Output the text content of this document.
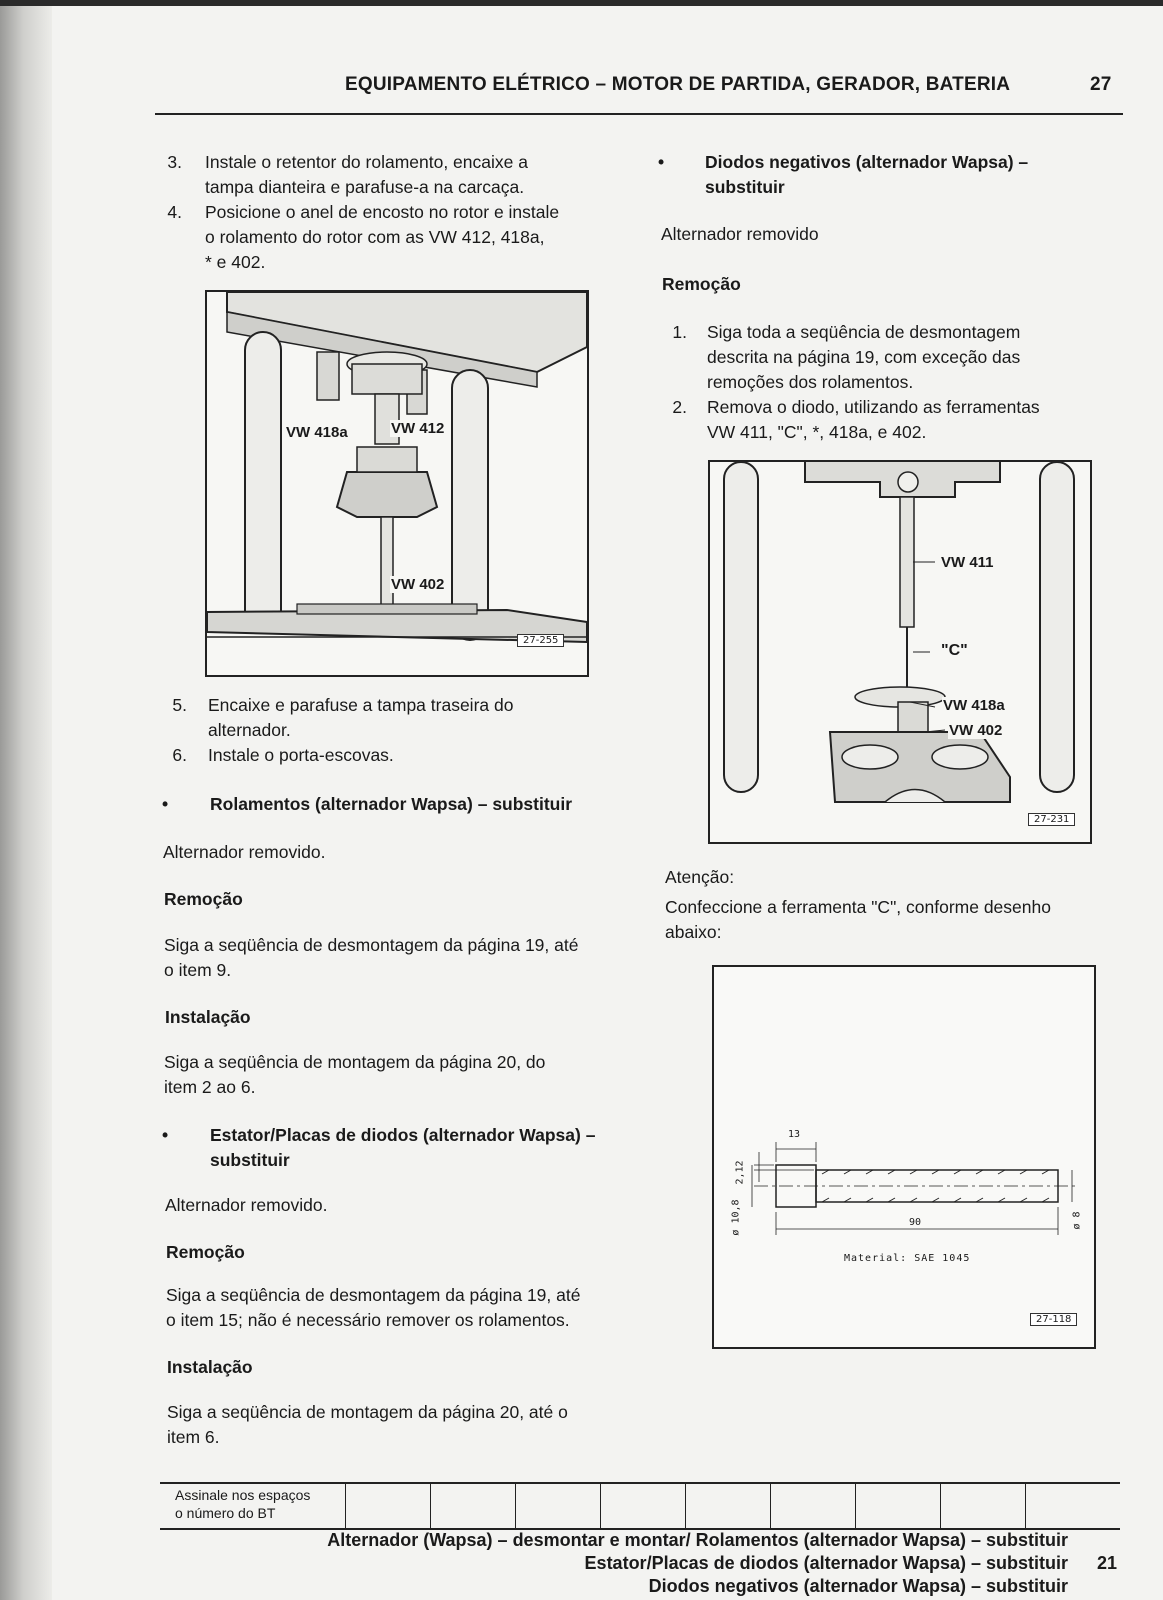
EQUIPAMENTO ELÉTRICO – MOTOR DE PARTIDA, GERADOR, BATERIA	27
3. Instale o retentor do rolamento, encaixe a
tampa dianteira e parafuse-a na carcaça.
4. Posicione o anel de encosto no rotor e instale
o rolamento do rotor com as VW 412, 418a,
* e 402.
VW 418a	VW 412
VW 402
27-255
5. Encaixe e parafuse a tampa traseira do
alternador.
6. Instale o porta-escovas.
• Rolamentos (alternador Wapsa) – substituir
Alternador removido.
Remoção
Siga a seqüência de desmontagem da página 19, até
o item 9.
Instalação
Siga a seqüência de montagem da página 20, do
item 2 ao 6.
• Estator/Placas de diodos (alternador Wapsa) –
substituir
Alternador removido.
Remoção
Siga a seqüência de desmontagem da página 19, até
o item 15; não é necessário remover os rolamentos.
Instalação
Siga a seqüência de montagem da página 20, até o
item 6.
• Diodos negativos (alternador Wapsa) –
substituir
Alternador removido
Remoção
1. Siga toda a seqüência de desmontagem
descrita na página 19, com exceção das
remoções dos rolamentos.
2. Remova o diodo, utilizando as ferramentas
VW 411, "C", *, 418a, e 402.
VW 411
"C"
VW 418a
VW 402
27-231
Atenção:
Confeccione a ferramenta "C", conforme desenho
abaixo:
13
2,12
90
ø 10,8	ø 8
Material: SAE 1045
27-118
Assinale nos espaços
o número do BT
Alternador (Wapsa) – desmontar e montar/ Rolamentos (alternador Wapsa) – substituir
Estator/Placas de diodos (alternador Wapsa) – substituir
Diodos negativos (alternador Wapsa) – substituir
21
